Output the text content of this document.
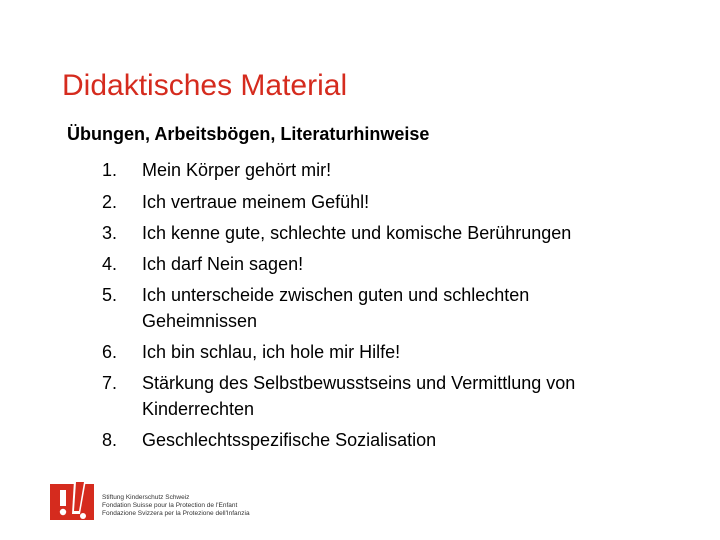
Didaktisches Material
Übungen, Arbeitsbögen, Literaturhinweise
1.	Mein Körper gehört mir!
2.	Ich vertraue meinem Gefühl!
3.	Ich kenne gute, schlechte und komische Berührungen
4.	Ich darf Nein sagen!
5.	Ich unterscheide zwischen guten und schlechten Geheimnissen
6.	Ich bin schlau, ich hole mir Hilfe!
7.	Stärkung des Selbstbewusstseins und Vermittlung von Kinderrechten
8.	Geschlechtsspezifische Sozialisation
Stiftung Kinderschutz Schweiz
Fondation Suisse pour la Protection de l'Enfant
Fondazione Svizzera per la Protezione dell'Infanzia
